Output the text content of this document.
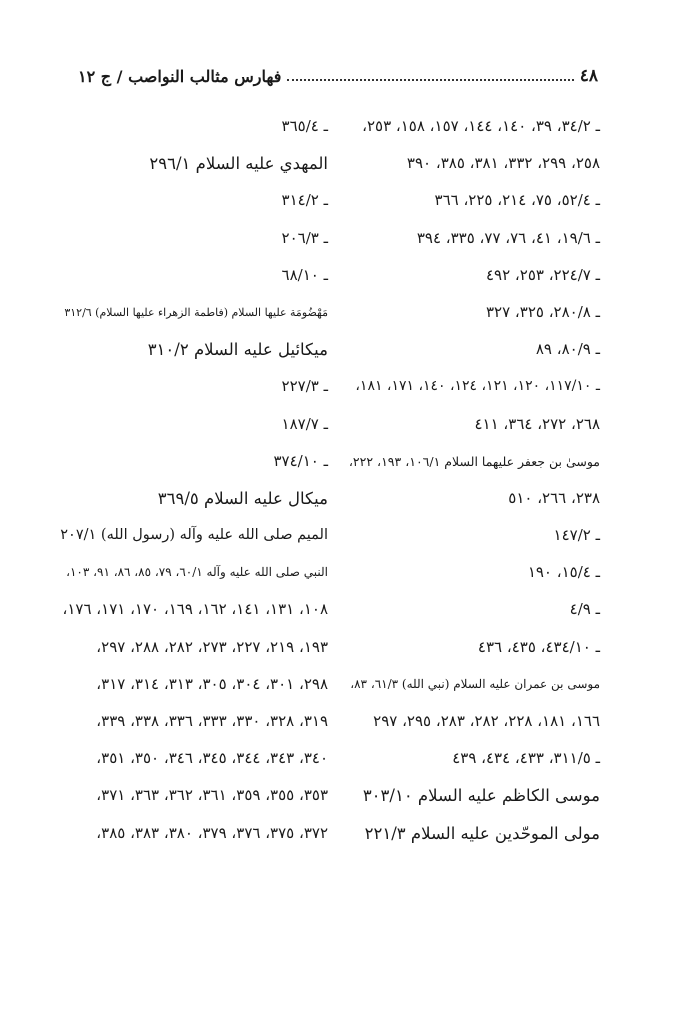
٤٨
فهارس مثالب النواصب / ج ١٢
ـ ٣٤/٢، ٣٩، ١٤٠، ١٤٤، ١٥٧، ١٥٨، ٢٥٣،
٢٥٨، ٢٩٩، ٣٣٢، ٣٨١، ٣٨٥، ٣٩٠
ـ ٥٢/٤، ٧٥، ٢١٤، ٢٢٥، ٣٦٦
ـ ١٩/٦، ٤١، ٧٦، ٧٧، ٣٣٥، ٣٩٤
ـ ٢٢٤/٧، ٢٥٣، ٤٩٢
ـ ٢٨٠/٨، ٣٢٥، ٣٢٧
ـ ٨٠/٩، ٨٩
ـ ١١٧/١٠، ١٢٠، ١٢١، ١٢٤، ١٤٠، ١٧١، ١٨١،
٢٦٨، ٢٧٢، ٣٦٤، ٤١١
موسىٰ بن جعفر عليهما السلام ١٠٦/١، ١٩٣، ٢٢٢،
٢٣٨، ٢٦٦، ٥١٠
ـ ١٤٧/٢
ـ ١٥/٤، ١٩٠
ـ ٤/٩
ـ ٤٣٤/١٠، ٤٣٥، ٤٣٦
موسى بن عمران عليه السلام (نبي الله) ٦١/٣، ٨٣،
١٦٦، ١٨١، ٢٢٨، ٢٨٢، ٢٨٣، ٢٩٥، ٢٩٧
ـ ٣١١/٥، ٤٣٣، ٤٣٤، ٤٣٩
موسى الكاظم عليه السلام ٣٠٣/١٠
مولى الموحّدين عليه السلام ٢٢١/٣
ـ ٣٦٥/٤
المهدي عليه السلام ٢٩٦/١
ـ ٣١٤/٢
ـ ٢٠٦/٣
ـ ٦٨/١٠
مَهْضُومَة عليها السلام (فاطمة الزهراء عليها السلام) ٣١٢/٦
ميكائيل عليه السلام ٣١٠/٢
ـ ٢٢٧/٣
ـ ١٨٧/٧
ـ ٣٧٤/١٠
ميكال عليه السلام ٣٦٩/٥
الميم صلى الله عليه وآله (رسول الله) ٢٠٧/١
النبي صلى الله عليه وآله ٦٠/١، ٧٩، ٨٥، ٨٦، ٩١، ١٠٣،
١٠٨، ١٣١، ١٤١، ١٦٢، ١٦٩، ١٧٠، ١٧١، ١٧٦،
١٩٣، ٢١٩، ٢٢٧، ٢٧٣، ٢٨٢، ٢٨٨، ٢٩٧،
٢٩٨، ٣٠١، ٣٠٤، ٣٠٥، ٣١٣، ٣١٤، ٣١٧،
٣١٩، ٣٢٨، ٣٣٠، ٣٣٣، ٣٣٦، ٣٣٨، ٣٣٩،
٣٤٠، ٣٤٣، ٣٤٤، ٣٤٥، ٣٤٦، ٣٥٠، ٣٥١،
٣٥٣، ٣٥٥، ٣٥٩، ٣٦١، ٣٦٢، ٣٦٣، ٣٧١،
٣٧٢، ٣٧٥، ٣٧٦، ٣٧٩، ٣٨٠، ٣٨٣، ٣٨٥،
